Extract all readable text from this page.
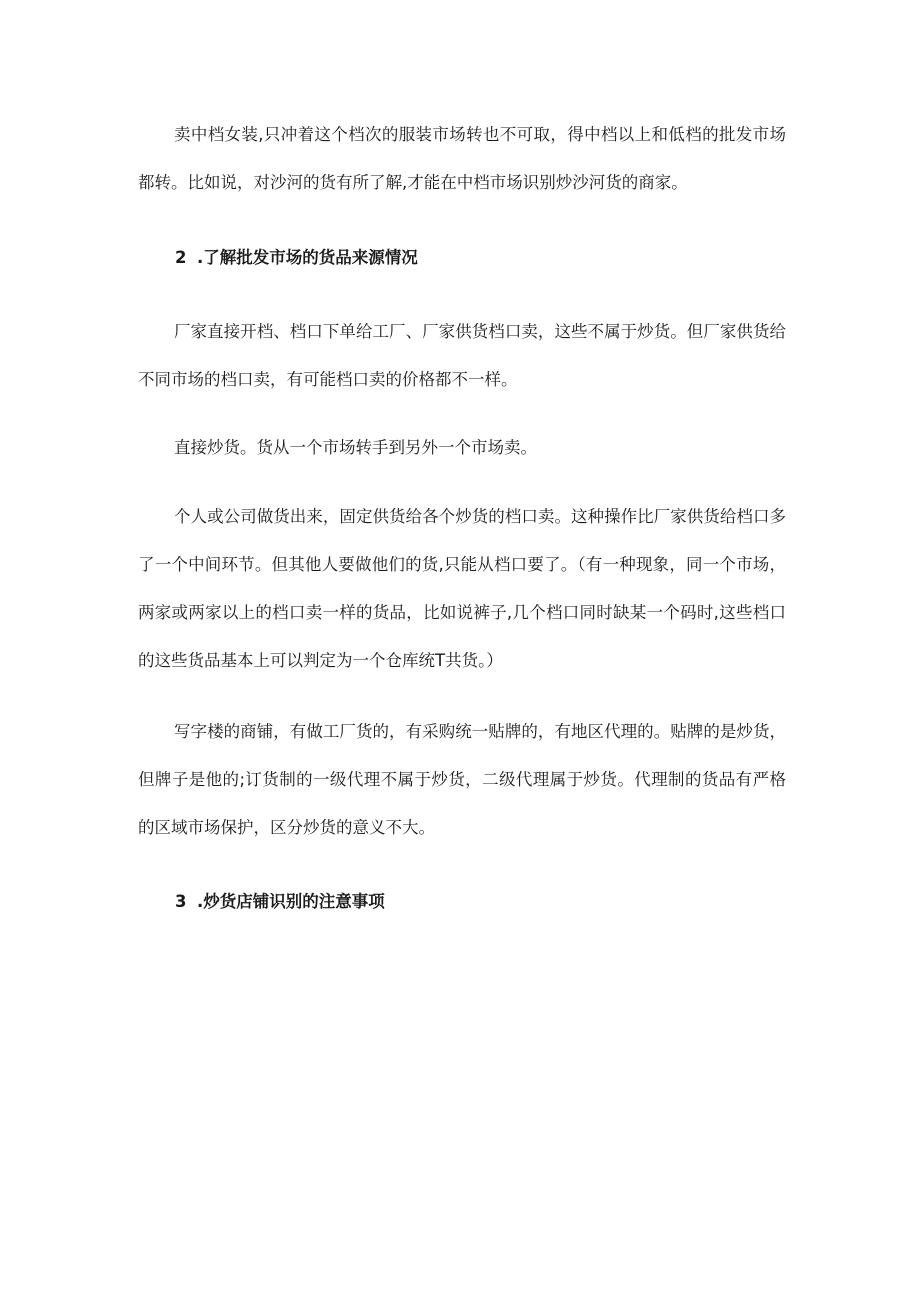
卖中档女装,只冲着这个档次的服装市场转也不可取，得中档以上和低档的批发市场都转。比如说，对沙河的货有所了解,才能在中档市场识别炒沙河货的商家。

2 .了解批发市场的货品来源情况

厂家直接开档、档口下单给工厂、厂家供货档口卖，这些不属于炒货。但厂家供货给不同市场的档口卖，有可能档口卖的价格都不一样。

直接炒货。货从一个市场转手到另外一个市场卖。

个人或公司做货出来，固定供货给各个炒货的档口卖。这种操作比厂家供货给档口多了一个中间环节。但其他人要做他们的货,只能从档口要了。（有一种现象，同一个市场，两家或两家以上的档口卖一样的货品，比如说裤子,几个档口同时缺某一个码时,这些档口的这些货品基本上可以判定为一个仓库统T共货。）

写字楼的商铺，有做工厂货的，有采购统一贴牌的，有地区代理的。贴牌的是炒货，但牌子是他的;订货制的一级代理不属于炒货，二级代理属于炒货。代理制的货品有严格的区域市场保护，区分炒货的意义不大。

3 .炒货店铺识别的注意事项
